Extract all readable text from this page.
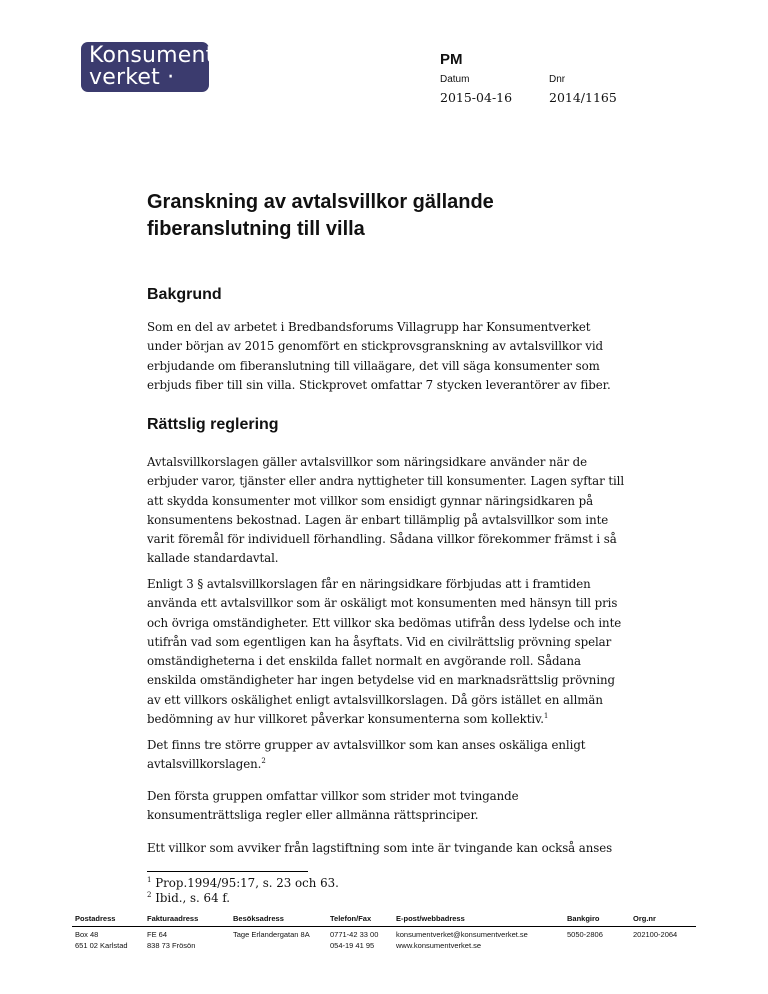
Konsument
verket · KO
PM
Datum	Dnr
2015-04-16	2014/1165
Granskning av avtalsvillkor gällande fiberanslutning till villa
Bakgrund

Som en del av arbetet i Bredbandsforums Villagrupp har Konsumentverket under början av 2015 genomfört en stickprovsgranskning av avtalsvillkor vid erbjudande om fiberanslutning till villaägare, det vill säga konsumenter som erbjuds fiber till sin villa. Stickprovet omfattar 7 stycken leverantörer av fiber.

Rättslig reglering

Avtalsvillkorslagen gäller avtalsvillkor som näringsidkare använder när de erbjuder varor, tjänster eller andra nyttigheter till konsumenter. Lagen syftar till att skydda konsumenter mot villkor som ensidigt gynnar näringsidkaren på konsumentens bekostnad. Lagen är enbart tillämplig på avtalsvillkor som inte varit föremål för individuell förhandling. Sådana villkor förekommer främst i så kallade standardavtal.

Enligt 3 § avtalsvillkorslagen får en näringsidkare förbjudas att i framtiden använda ett avtalsvillkor som är oskäligt mot konsumenten med hänsyn till pris och övriga omständigheter. Ett villkor ska bedömas utifrån dess lydelse och inte utifrån vad som egentligen kan ha åsyftats. Vid en civilrättslig prövning spelar omständigheterna i det enskilda fallet normalt en avgörande roll. Sådana enskilda omständigheter har ingen betydelse vid en marknadsrättslig prövning av ett villkors oskälighet enligt avtalsvillkorslagen. Då görs istället en allmän bedömning av hur villkoret påverkar konsumenterna som kollektiv.$^1$

Det finns tre större grupper av avtalsvillkor som kan anses oskäliga enligt avtalsvillkorslagen.$^2$

Den första gruppen omfattar villkor som strider mot tvingande konsumenträttsliga regler eller allmänna rättsprinciper.

Ett villkor som avviker från lagstiftning som inte är tvingande kan också anses

$^1$ Prop.1994/95:17, s. 23 och 63.
$^2$ Ibid., s. 64 f.
Postadress
Box 48
651 02 Karlstad
Fakturaadress
FE 64
838 73 Frösön
Besöksadress
Tage Erlandergatan 8A
Telefon/Fax
0771-42 33 00
054-19 41 95
E-post/webbadress
konsumentverket@konsumentverket.se
www.konsumentverket.se
Bankgiro
5050-2806
Org.nr
202100-2064
